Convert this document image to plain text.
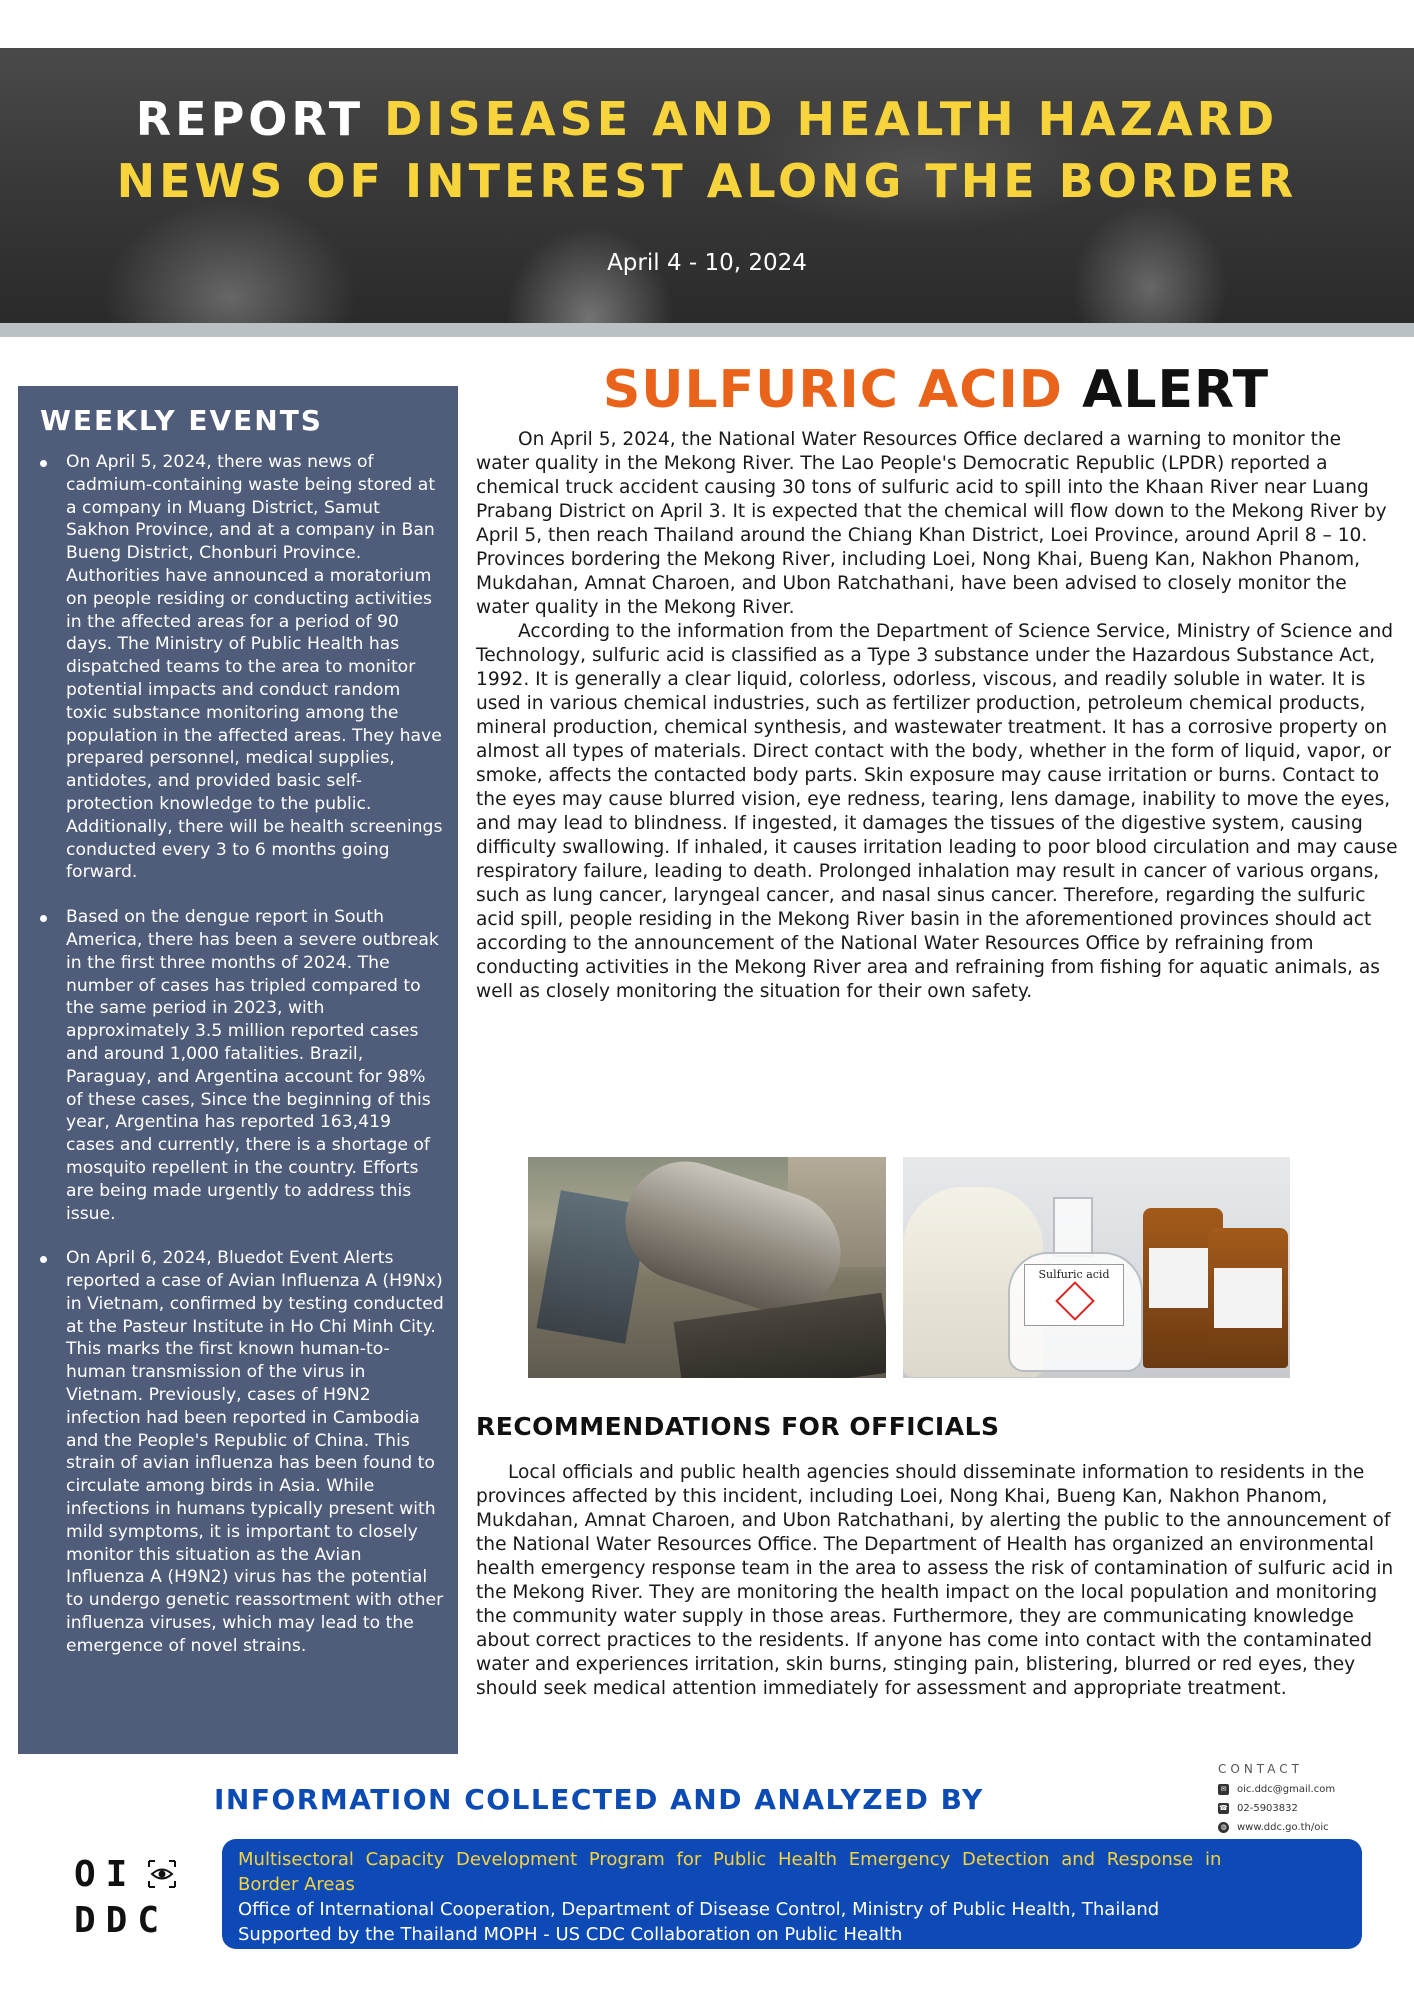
REPORT DISEASE AND HEALTH HAZARD
NEWS OF INTEREST ALONG THE BORDER
April 4 - 10, 2024
WEEKLY EVENTS
On April 5, 2024, there was news of cadmium-containing waste being stored at a company in Muang District, Samut Sakhon Province, and at a company in Ban Bueng District, Chonburi Province. Authorities have announced a moratorium on people residing or conducting activities in the affected areas for a period of 90 days. The Ministry of Public Health has dispatched teams to the area to monitor potential impacts and conduct random toxic substance monitoring among the population in the affected areas. They have prepared personnel, medical supplies, antidotes, and provided basic self-protection knowledge to the public. Additionally, there will be health screenings conducted every 3 to 6 months going forward.
Based on the dengue report in South America, there has been a severe outbreak in the first three months of 2024. The number of cases has tripled compared to the same period in 2023, with approximately 3.5 million reported cases and around 1,000 fatalities. Brazil, Paraguay, and Argentina account for 98% of these cases, Since the beginning of this year, Argentina has reported 163,419 cases and currently, there is a shortage of mosquito repellent in the country. Efforts are being made urgently to address this issue.
On April 6, 2024, Bluedot Event Alerts reported a case of Avian Influenza A (H9Nx) in Vietnam, confirmed by testing conducted at the Pasteur Institute in Ho Chi Minh City. This marks the first known human-to-human transmission of the virus in Vietnam. Previously, cases of H9N2 infection had been reported in Cambodia and the People's Republic of China. This strain of avian influenza has been found to circulate among birds in Asia. While infections in humans typically present with mild symptoms, it is important to closely monitor this situation as the Avian Influenza A (H9N2) virus has the potential to undergo genetic reassortment with other influenza viruses, which may lead to the emergence of novel strains.
SULFURIC ACID ALERT

On April 5, 2024, the National Water Resources Office declared a warning to monitor the water quality in the Mekong River. The Lao People's Democratic Republic (LPDR) reported a chemical truck accident causing 30 tons of sulfuric acid to spill into the Khaan River near Luang Prabang District on April 3. It is expected that the chemical will flow down to the Mekong River by April 5, then reach Thailand around the Chiang Khan District, Loei Province, around April 8 – 10. Provinces bordering the Mekong River, including Loei, Nong Khai, Bueng Kan, Nakhon Phanom, Mukdahan, Amnat Charoen, and Ubon Ratchathani, have been advised to closely monitor the water quality in the Mekong River.

According to the information from the Department of Science Service, Ministry of Science and Technology, sulfuric acid is classified as a Type 3 substance under the Hazardous Substance Act, 1992. It is generally a clear liquid, colorless, odorless, viscous, and readily soluble in water. It is used in various chemical industries, such as fertilizer production, petroleum chemical products, mineral production, chemical synthesis, and wastewater treatment. It has a corrosive property on almost all types of materials. Direct contact with the body, whether in the form of liquid, vapor, or smoke, affects the contacted body parts. Skin exposure may cause irritation or burns. Contact to the eyes may cause blurred vision, eye redness, tearing, lens damage, inability to move the eyes, and may lead to blindness. If ingested, it damages the tissues of the digestive system, causing difficulty swallowing. If inhaled, it causes irritation leading to poor blood circulation and may cause respiratory failure, leading to death. Prolonged inhalation may result in cancer of various organs, such as lung cancer, laryngeal cancer, and nasal sinus cancer. Therefore, regarding the sulfuric acid spill, people residing in the Mekong River basin in the aforementioned provinces should act according to the announcement of the National Water Resources Office by refraining from conducting activities in the Mekong River area and refraining from fishing for aquatic animals, as well as closely monitoring the situation for their own safety.

Sulfuric acid
RECOMMENDATIONS FOR OFFICIALS

Local officials and public health agencies should disseminate information to residents in the provinces affected by this incident, including Loei, Nong Khai, Bueng Kan, Nakhon Phanom, Mukdahan, Amnat Charoen, and Ubon Ratchathani, by alerting the public to the announcement of the National Water Resources Office. The Department of Health has organized an environmental health emergency response team in the area to assess the risk of contamination of sulfuric acid in the Mekong River. They are monitoring the health impact on the local population and monitoring the community water supply in those areas. Furthermore, they are communicating knowledge about correct practices to the residents. If anyone has come into contact with the contaminated water and experiences irritation, skin burns, stinging pain, blistering, blurred or red eyes, they should seek medical attention immediately for assessment and appropriate treatment.

INFORMATION COLLECTED AND ANALYZED BY
CONTACT
✉ oic.ddc@gmail.com
☎ 02-5903832
◍ www.ddc.go.th/oic
OI
DDC
Multisectoral Capacity Development Program for Public Health Emergency Detection and Response in
Border Areas
Office of International Cooperation, Department of Disease Control, Ministry of Public Health, Thailand
Supported by the Thailand MOPH - US CDC Collaboration on Public Health
